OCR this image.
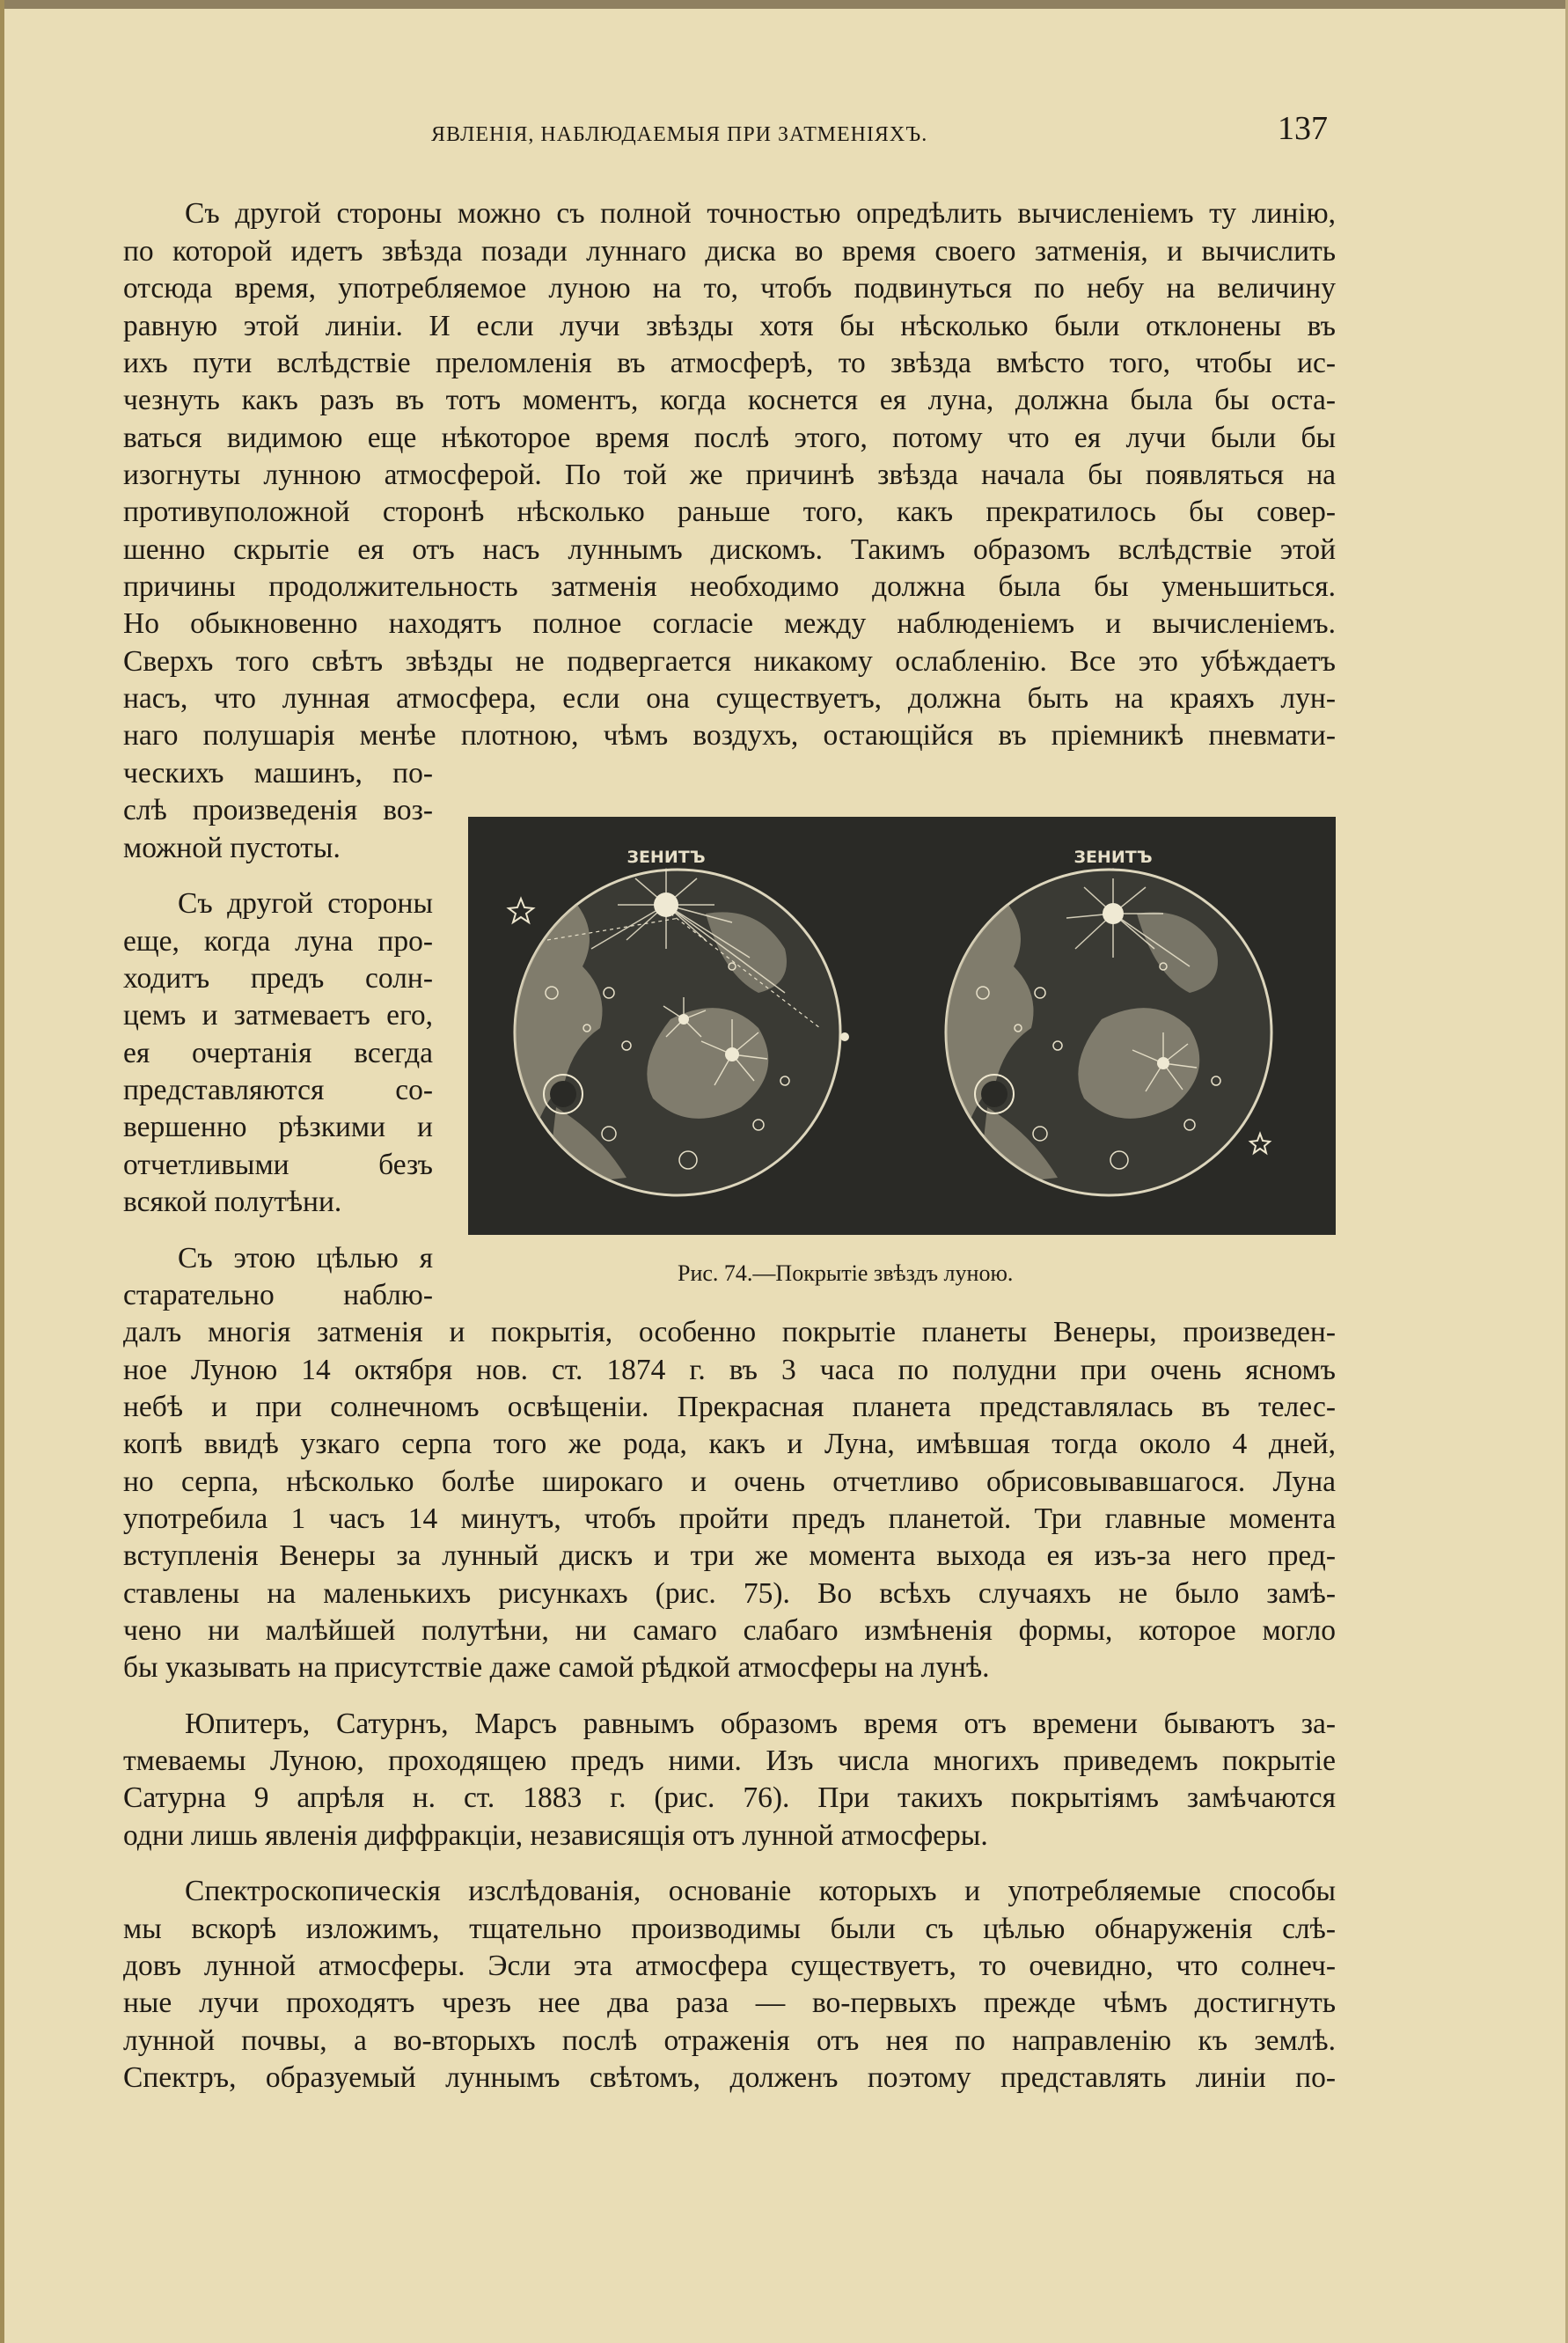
ЯВЛЕНІЯ, НАБЛЮДАЕМЫЯ ПРИ ЗАТМЕНІЯХЪ.	137

Съ другой стороны можно съ полной точностью опредѣлить вычисленіемъ ту линію,

по которой идетъ звѣзда позади луннаго диска во время своего затменія, и вычислить

отсюда время, употребляемое луною на то, чтобъ подвинуться по небу на величину

равную этой линіи. И если лучи звѣзды хотя бы нѣсколько были отклонены въ

ихъ пути вслѣдствіе преломленія въ атмосферѣ, то звѣзда вмѣсто того, чтобы ис-

чезнуть какъ разъ въ тотъ моментъ, когда коснется ея луна, должна была бы оста-

ваться видимою еще нѣкоторое время послѣ этого, потому что ея лучи были бы

изогнуты лунною атмосферой. По той же причинѣ звѣзда начала бы появляться на

противуположной сторонѣ нѣсколько раньше того, какъ прекратилось бы совер-

шенно скрытіе ея отъ насъ луннымъ дискомъ. Такимъ образомъ вслѣдствіе этой

причины продолжительность затменія необходимо должна была бы уменьшиться.

Но обыкновенно находятъ полное согласіе между наблюденіемъ и вычисленіемъ.

Сверхъ того свѣтъ звѣзды не подвергается никакому ослабленію. Все это убѣждаетъ

насъ, что лунная атмосфера, если она существуетъ, должна быть на краяхъ лун-

наго полушарія менѣе плотною, чѣмъ воздухъ, остающійся въ пріемникѣ пневмати-

ческихъ машинъ, по-

слѣ произведенія воз-

можной пустоты.

Съ другой стороны

еще, когда луна про-

ходитъ предъ солн-

цемъ и затмеваетъ его,

ея очертанія всегда

представляются со-

вершенно рѣзкими и

отчетливыми безъ

всякой полутѣни.

Съ этою цѣлью я

старательно наблю-

ЗЕНИТЪ	ЗЕНИТЪ
Рис. 74.—Покрытіе звѣздъ луною.

далъ многія затменія и покрытія, особенно покрытіе планеты Венеры, произведен-

ное Луною 14 октября нов. ст. 1874 г. въ 3 часа по полудни при очень ясномъ

небѣ и при солнечномъ освѣщеніи. Прекрасная планета представлялась въ телес-

копѣ ввидѣ узкаго серпа того же рода, какъ и Луна, имѣвшая тогда около 4 дней,

но серпа, нѣсколько болѣе широкаго и очень отчетливо обрисовывавшагося. Луна

употребила 1 часъ 14 минутъ, чтобъ пройти предъ планетой. Три главные момента

вступленія Венеры за лунный дискъ и три же момента выхода ея изъ-за него пред-

ставлены на маленькихъ рисункахъ (рис. 75). Во всѣхъ случаяхъ не было замѣ-

чено ни малѣйшей полутѣни, ни самаго слабаго измѣненія формы, которое могло

бы указывать на присутствіе даже самой рѣдкой атмосферы на лунѣ.

Юпитеръ, Сатурнъ, Марсъ равнымъ образомъ время отъ времени бываютъ за-

тмеваемы Луною, проходящею предъ ними. Изъ числа многихъ приведемъ покрытіе

Сатурна 9 апрѣля н. ст. 1883 г. (рис. 76). При такихъ покрытіямъ замѣчаются

одни лишь явленія диффракціи, независящія отъ лунной атмосферы.

Спектроскопическія изслѣдованія, основаніе которыхъ и употребляемые способы

мы вскорѣ изложимъ, тщательно производимы были съ цѣлью обнаруженія слѣ-

довъ лунной атмосферы. Эсли эта атмосфера существуетъ, то очевидно, что солнеч-

ные лучи проходятъ чрезъ нее два раза — во-первыхъ прежде чѣмъ достигнуть

лунной почвы, а во-вторыхъ послѣ отраженія отъ нея по направленію къ землѣ.

Спектръ, образуемый луннымъ свѣтомъ, долженъ поэтому представлять линіи по-
